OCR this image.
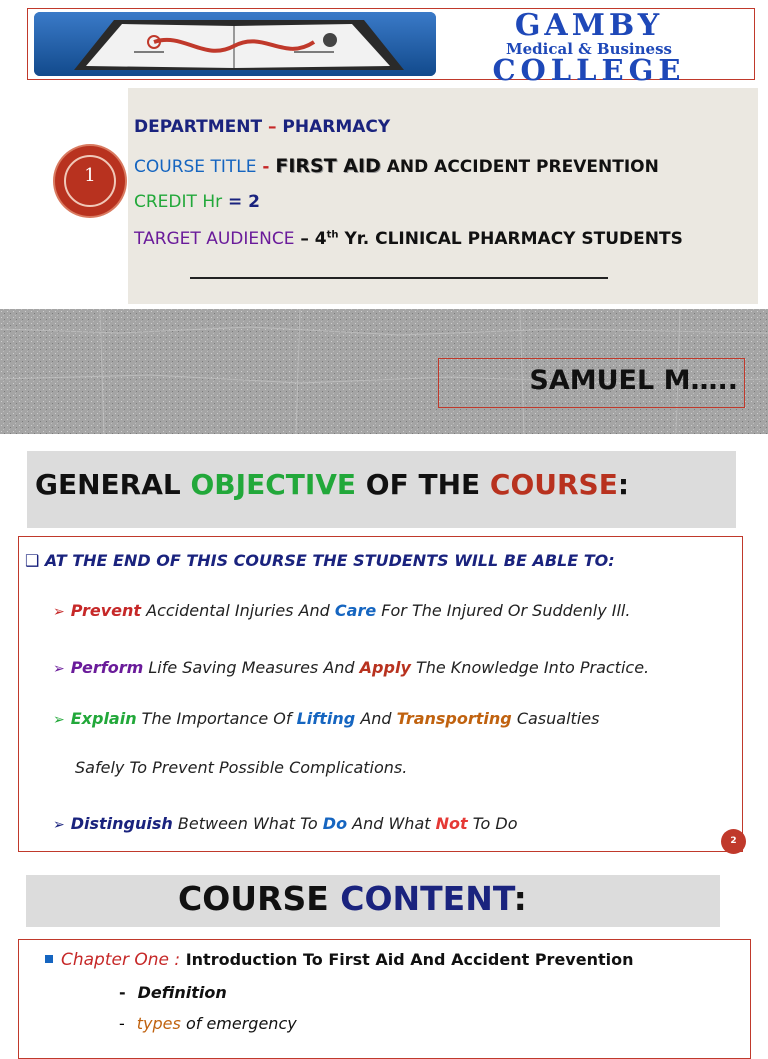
GAMBY
Medical & Business
COLLEGE
1
DEPARTMENT – PHARMACY
COURSE TITLE - FIRST AID AND ACCIDENT PREVENTION
CREDIT Hr = 2
TARGET AUDIENCE – 4th Yr. CLINICAL PHARMACY STUDENTS
SAMUEL M…..
GENERAL OBJECTIVE OF THE COURSE:
❑ AT THE END OF THIS COURSE THE STUDENTS WILL BE ABLE TO:
➢ Prevent Accidental Injuries And Care For The Injured Or Suddenly Ill.
➢ Perform Life Saving Measures And Apply The Knowledge Into Practice.
➢ Explain The Importance Of Lifting And Transporting Casualties
Safely To Prevent Possible Complications.
➢ Distinguish Between What To Do And What Not To Do
2
COURSE CONTENT:
Chapter One : Introduction To First Aid And Accident Prevention
- Definition
- types of emergency
